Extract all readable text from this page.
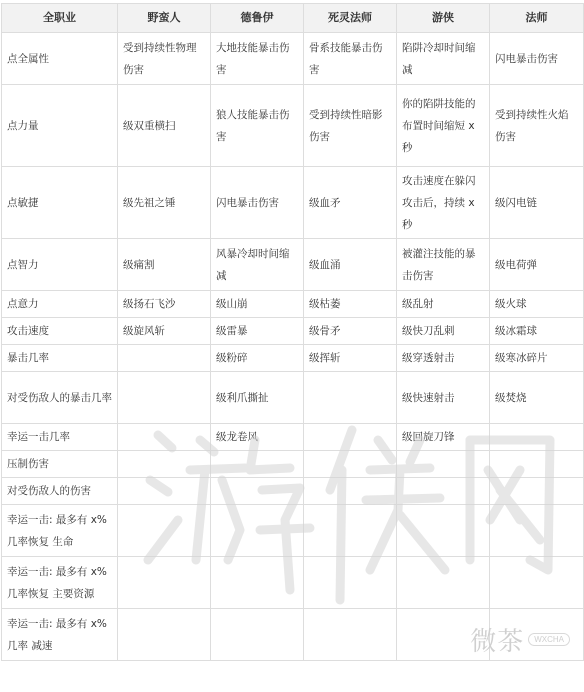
全职业	野蛮人	德鲁伊	死灵法师	游侠	法师
点全属性	受到持续性物理伤害	大地技能暴击伤害	骨系技能暴击伤害	陷阱冷却时间缩减	闪电暴击伤害
点力量	级双重横扫	狼人技能暴击伤害	受到持续性暗影伤害	你的陷阱技能的布置时间缩短 x 秒	受到持续性火焰伤害
点敏捷	级先祖之锤	闪电暴击伤害	级血矛	攻击速度在躲闪攻击后，持续 x 秒	级闪电链
点智力	级痛割	风暴冷却时间缩减	级血涌	被灌注技能的暴击伤害	级电荷弹
点意力	级扬石飞沙	级山崩	级枯萎	级乱射	级火球
攻击速度	级旋风斩	级雷暴	级骨矛	级快刀乱刺	级冰霜球
暴击几率		级粉碎	级挥斩	级穿透射击	级寒冰碎片
对受伤敌人的暴击几率		级利爪撕扯		级快速射击	级焚烧
幸运一击几率		级龙卷风		级回旋刀锋	
压制伤害					
对受伤敌人的伤害					
幸运一击: 最多有 x%几率恢复 生命					
幸运一击: 最多有 x%几率恢复 主要资源					
幸运一击: 最多有 x%几率 减速						微茶	WXCHA
